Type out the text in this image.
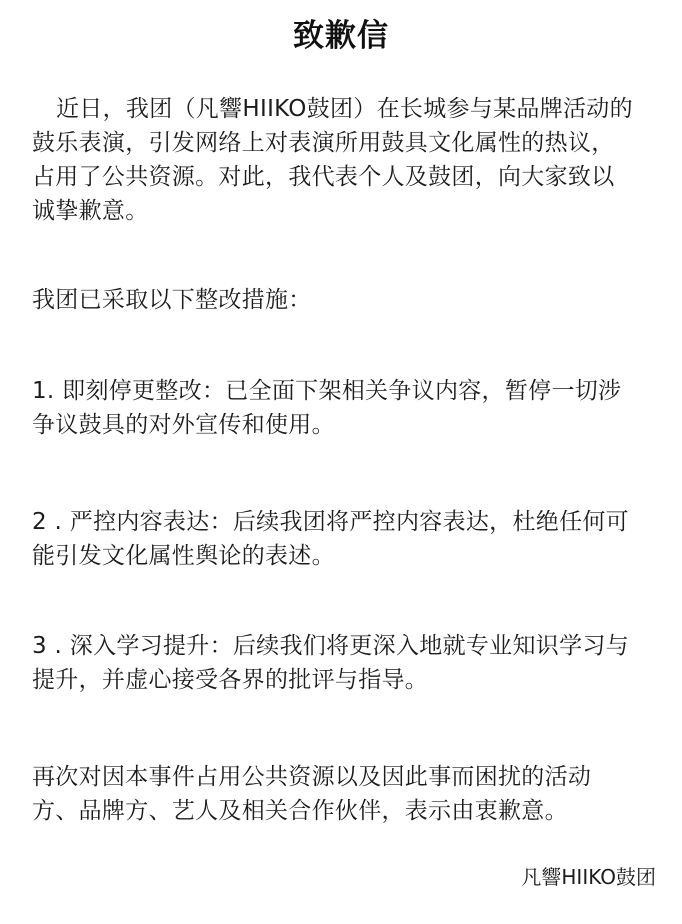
致歉信

近日，我团（凡響HIIKO鼓团）在长城参与某品牌活动的
鼓乐表演，引发网络上对表演所用鼓具文化属性的热议，
占用了公共资源。对此，我代表个人及鼓团，向大家致以
诚挚歉意。

我团已采取以下整改措施：

1. 即刻停更整改：已全面下架相关争议内容，暂停一切涉
争议鼓具的对外宣传和使用。

2 . 严控内容表达：后续我团将严控内容表达，杜绝任何可
能引发文化属性舆论的表述。

3 . 深入学习提升：后续我们将更深入地就专业知识学习与
提升，并虚心接受各界的批评与指导。

再次对因本事件占用公共资源以及因此事而困扰的活动
方、品牌方、艺人及相关合作伙伴，表示由衷歉意。

凡響HIIKO鼓团
